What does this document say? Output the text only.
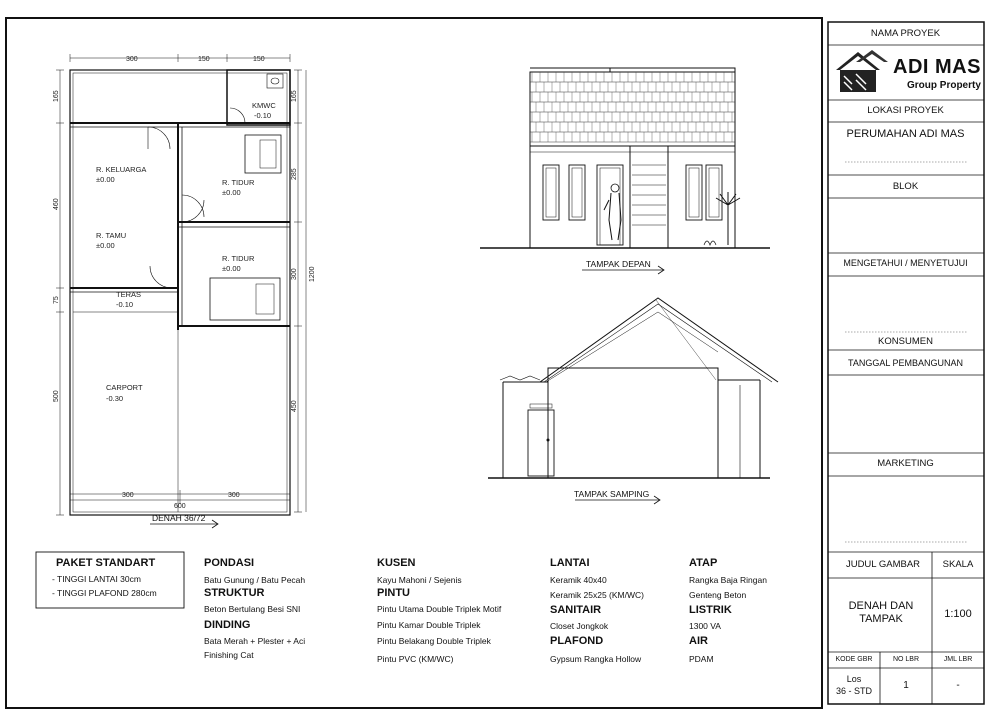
300	150	150
165
460
75
500
165
285
300 1200
450
300	300
600
KMWC
-0.10
R. KELUARGA
±0.00	R. TIDUR
±0.00
R. TAMU
±0.00
R. TIDUR
±0.00
TERAS
-0.10
CARPORT
-0.30
DENAH 36/72
TAMPAK DEPAN
TAMPAK SAMPING
NAMA PROYEK
ADI MAS
Group Property
LOKASI PROYEK
PERUMAHAN ADI MAS
BLOK
MENGETAHUI / MENYETUJUI
KONSUMEN
TANGGAL PEMBANGUNAN
MARKETING
JUDUL GAMBAR	SKALA
DENAH DAN
TAMPAK	1:100
KODE GBR	NO LBR	JML LBR
Los
36 - STD	1	-
PAKET STANDART
- TINGGI LANTAI 30cm
- TINGGI PLAFOND 280cm
PONDASI
Batu Gunung / Batu Pecah
STRUKTUR
Beton Bertulang Besi SNI
DINDING
Bata Merah + Plester + Aci
Finishing Cat
KUSEN
Kayu Mahoni / Sejenis
PINTU
Pintu Utama Double Triplek Motif
Pintu Kamar Double Triplek
Pintu Belakang Double Triplek
Pintu PVC (KM/WC)
LANTAI
Keramik 40x40
Keramik 25x25 (KM/WC)
SANITAIR
Closet Jongkok
PLAFOND
Gypsum Rangka Hollow
ATAP
Rangka Baja Ringan
Genteng Beton
LISTRIK
1300 VA
AIR
PDAM
